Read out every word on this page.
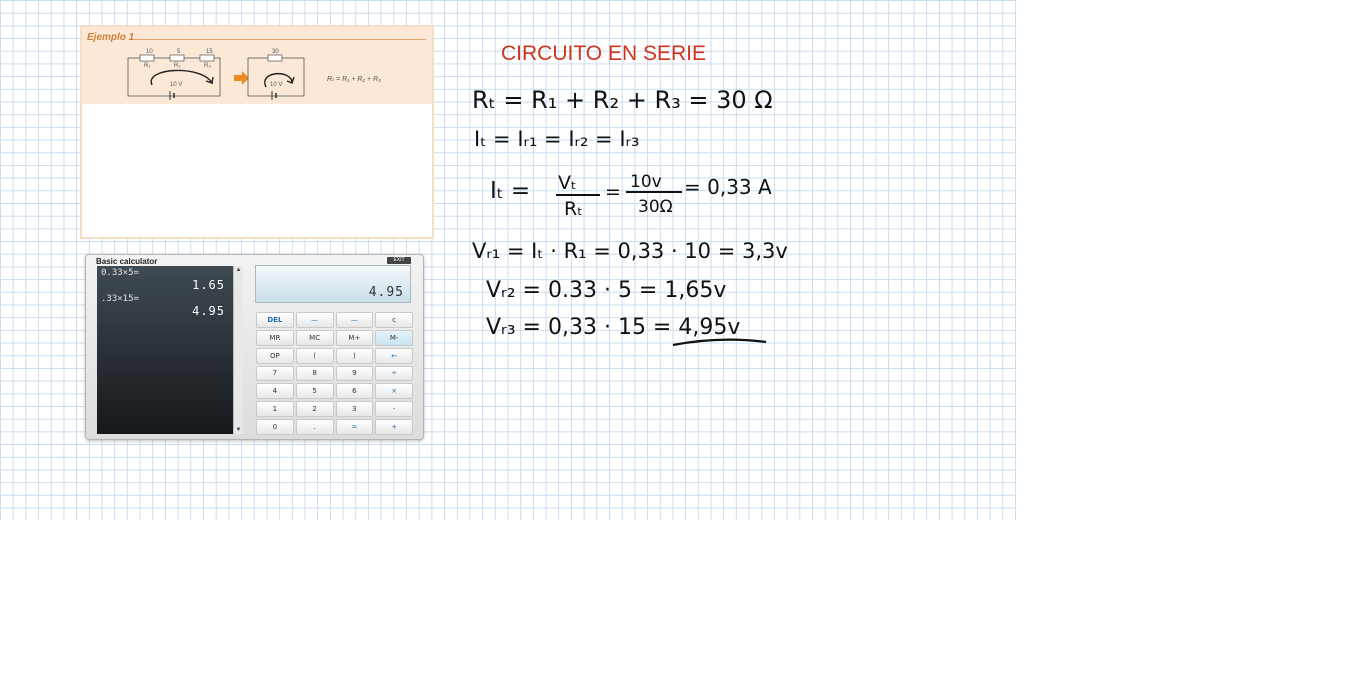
Ejemplo 1
10	5	15
R₁	R₂	R₃
10 V
30
10 V
Rₜ = R₁ + R₂ + R₃
Basic calculator	EXIT
0.33×5=
1.65
.33×15=
4.95
▲
▼
4.95
DEL	—	—	c
MR	MC	M+	M-
OP	(	)	←
7	8	9	÷
4	5	6	×
1	2	3	-
0	.	=	+
CIRCUITO EN SERIE
Rₜ = R₁ + R₂ + R₃ = 30 Ω
Iₜ = Iᵣ₁ = Iᵣ₂ = Iᵣ₃
Iₜ = Vₜ
Rₜ
= 10v
30Ω
= 0,33 A
Vᵣ₁ = Iₜ · R₁ = 0,33 · 10 = 3,3v
Vᵣ₂ = 0.33 · 5 = 1,65v
Vᵣ₃ = 0,33 · 15 = 4,95v
